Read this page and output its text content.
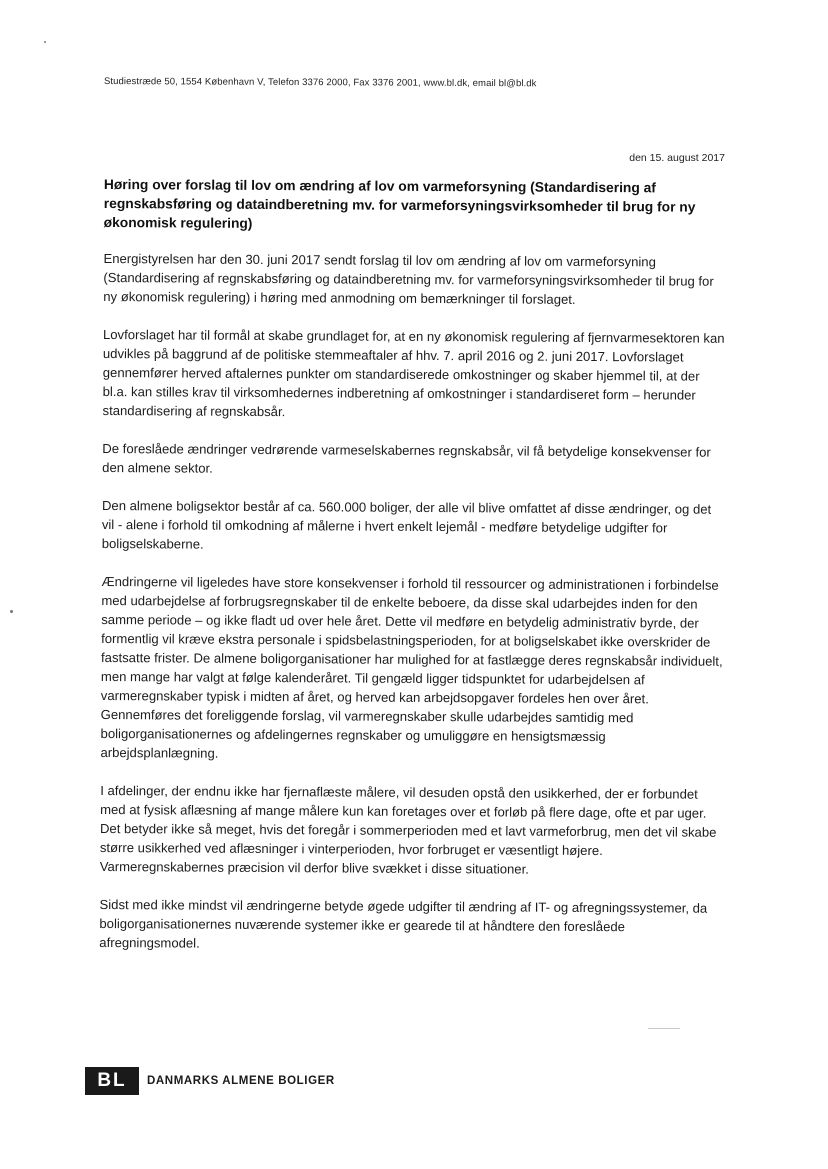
Studiestræde 50, 1554 København V, Telefon 3376 2000, Fax 3376 2001, www.bl.dk, email bl@bl.dk
den 15. august 2017

Høring over forslag til lov om ændring af lov om varmeforsyning (Standardisering af regnskabsføring og dataindberetning mv. for varmeforsyningsvirksomheder til brug for ny økonomisk regulering)

Energistyrelsen har den 30. juni 2017 sendt forslag til lov om ændring af lov om varmeforsyning (Standardisering af regnskabsføring og dataindberetning mv. for varmeforsyningsvirksomheder til brug for ny økonomisk regulering) i høring med anmodning om bemærkninger til forslaget.

Lovforslaget har til formål at skabe grundlaget for, at en ny økonomisk regulering af fjernvarmesektoren kan udvikles på baggrund af de politiske stemmeaftaler af hhv. 7. april 2016 og 2. juni 2017. Lovforslaget gennemfører herved aftalernes punkter om standardiserede omkostninger og skaber hjemmel til, at der bl.a. kan stilles krav til virksomhedernes indberetning af omkostninger i standardiseret form – herunder standardisering af regnskabsår.

De foreslåede ændringer vedrørende varmeselskabernes regnskabsår, vil få betydelige konsekvenser for den almene sektor.

Den almene boligsektor består af ca. 560.000 boliger, der alle vil blive omfattet af disse ændringer, og det vil - alene i forhold til omkodning af målerne i hvert enkelt lejemål - medføre betydelige udgifter for boligselskaberne.

Ændringerne vil ligeledes have store konsekvenser i forhold til ressourcer og administrationen i forbindelse med udarbejdelse af forbrugsregnskaber til de enkelte beboere, da disse skal udarbejdes inden for den samme periode – og ikke fladt ud over hele året. Dette vil medføre en betydelig administrativ byrde, der formentlig vil kræve ekstra personale i spidsbelastningsperioden, for at boligselskabet ikke overskrider de fastsatte frister. De almene boligorganisationer har mulighed for at fastlægge deres regnskabsår individuelt, men mange har valgt at følge kalenderåret. Til gengæld ligger tidspunktet for udarbejdelsen af varmeregnskaber typisk i midten af året, og herved kan arbejdsopgaver fordeles hen over året. Gennemføres det foreliggende forslag, vil varmeregnskaber skulle udarbejdes samtidig med boligorganisationernes og afdelingernes regnskaber og umuliggøre en hensigtsmæssig arbejdsplanlægning.

I afdelinger, der endnu ikke har fjernaflæste målere, vil desuden opstå den usikkerhed, der er forbundet med at fysisk aflæsning af mange målere kun kan foretages over et forløb på flere dage, ofte et par uger. Det betyder ikke så meget, hvis det foregår i sommerperioden med et lavt varmeforbrug, men det vil skabe større usikkerhed ved aflæsninger i vinterperioden, hvor forbruget er væsentligt højere. Varmeregnskabernes præcision vil derfor blive svækket i disse situationer.

Sidst med ikke mindst vil ændringerne betyde øgede udgifter til ændring af IT- og afregningssystemer, da boligorganisationernes nuværende systemer ikke er gearede til at håndtere den foreslåede afregningsmodel.

BL	DANMARKS ALMENE BOLIGER
